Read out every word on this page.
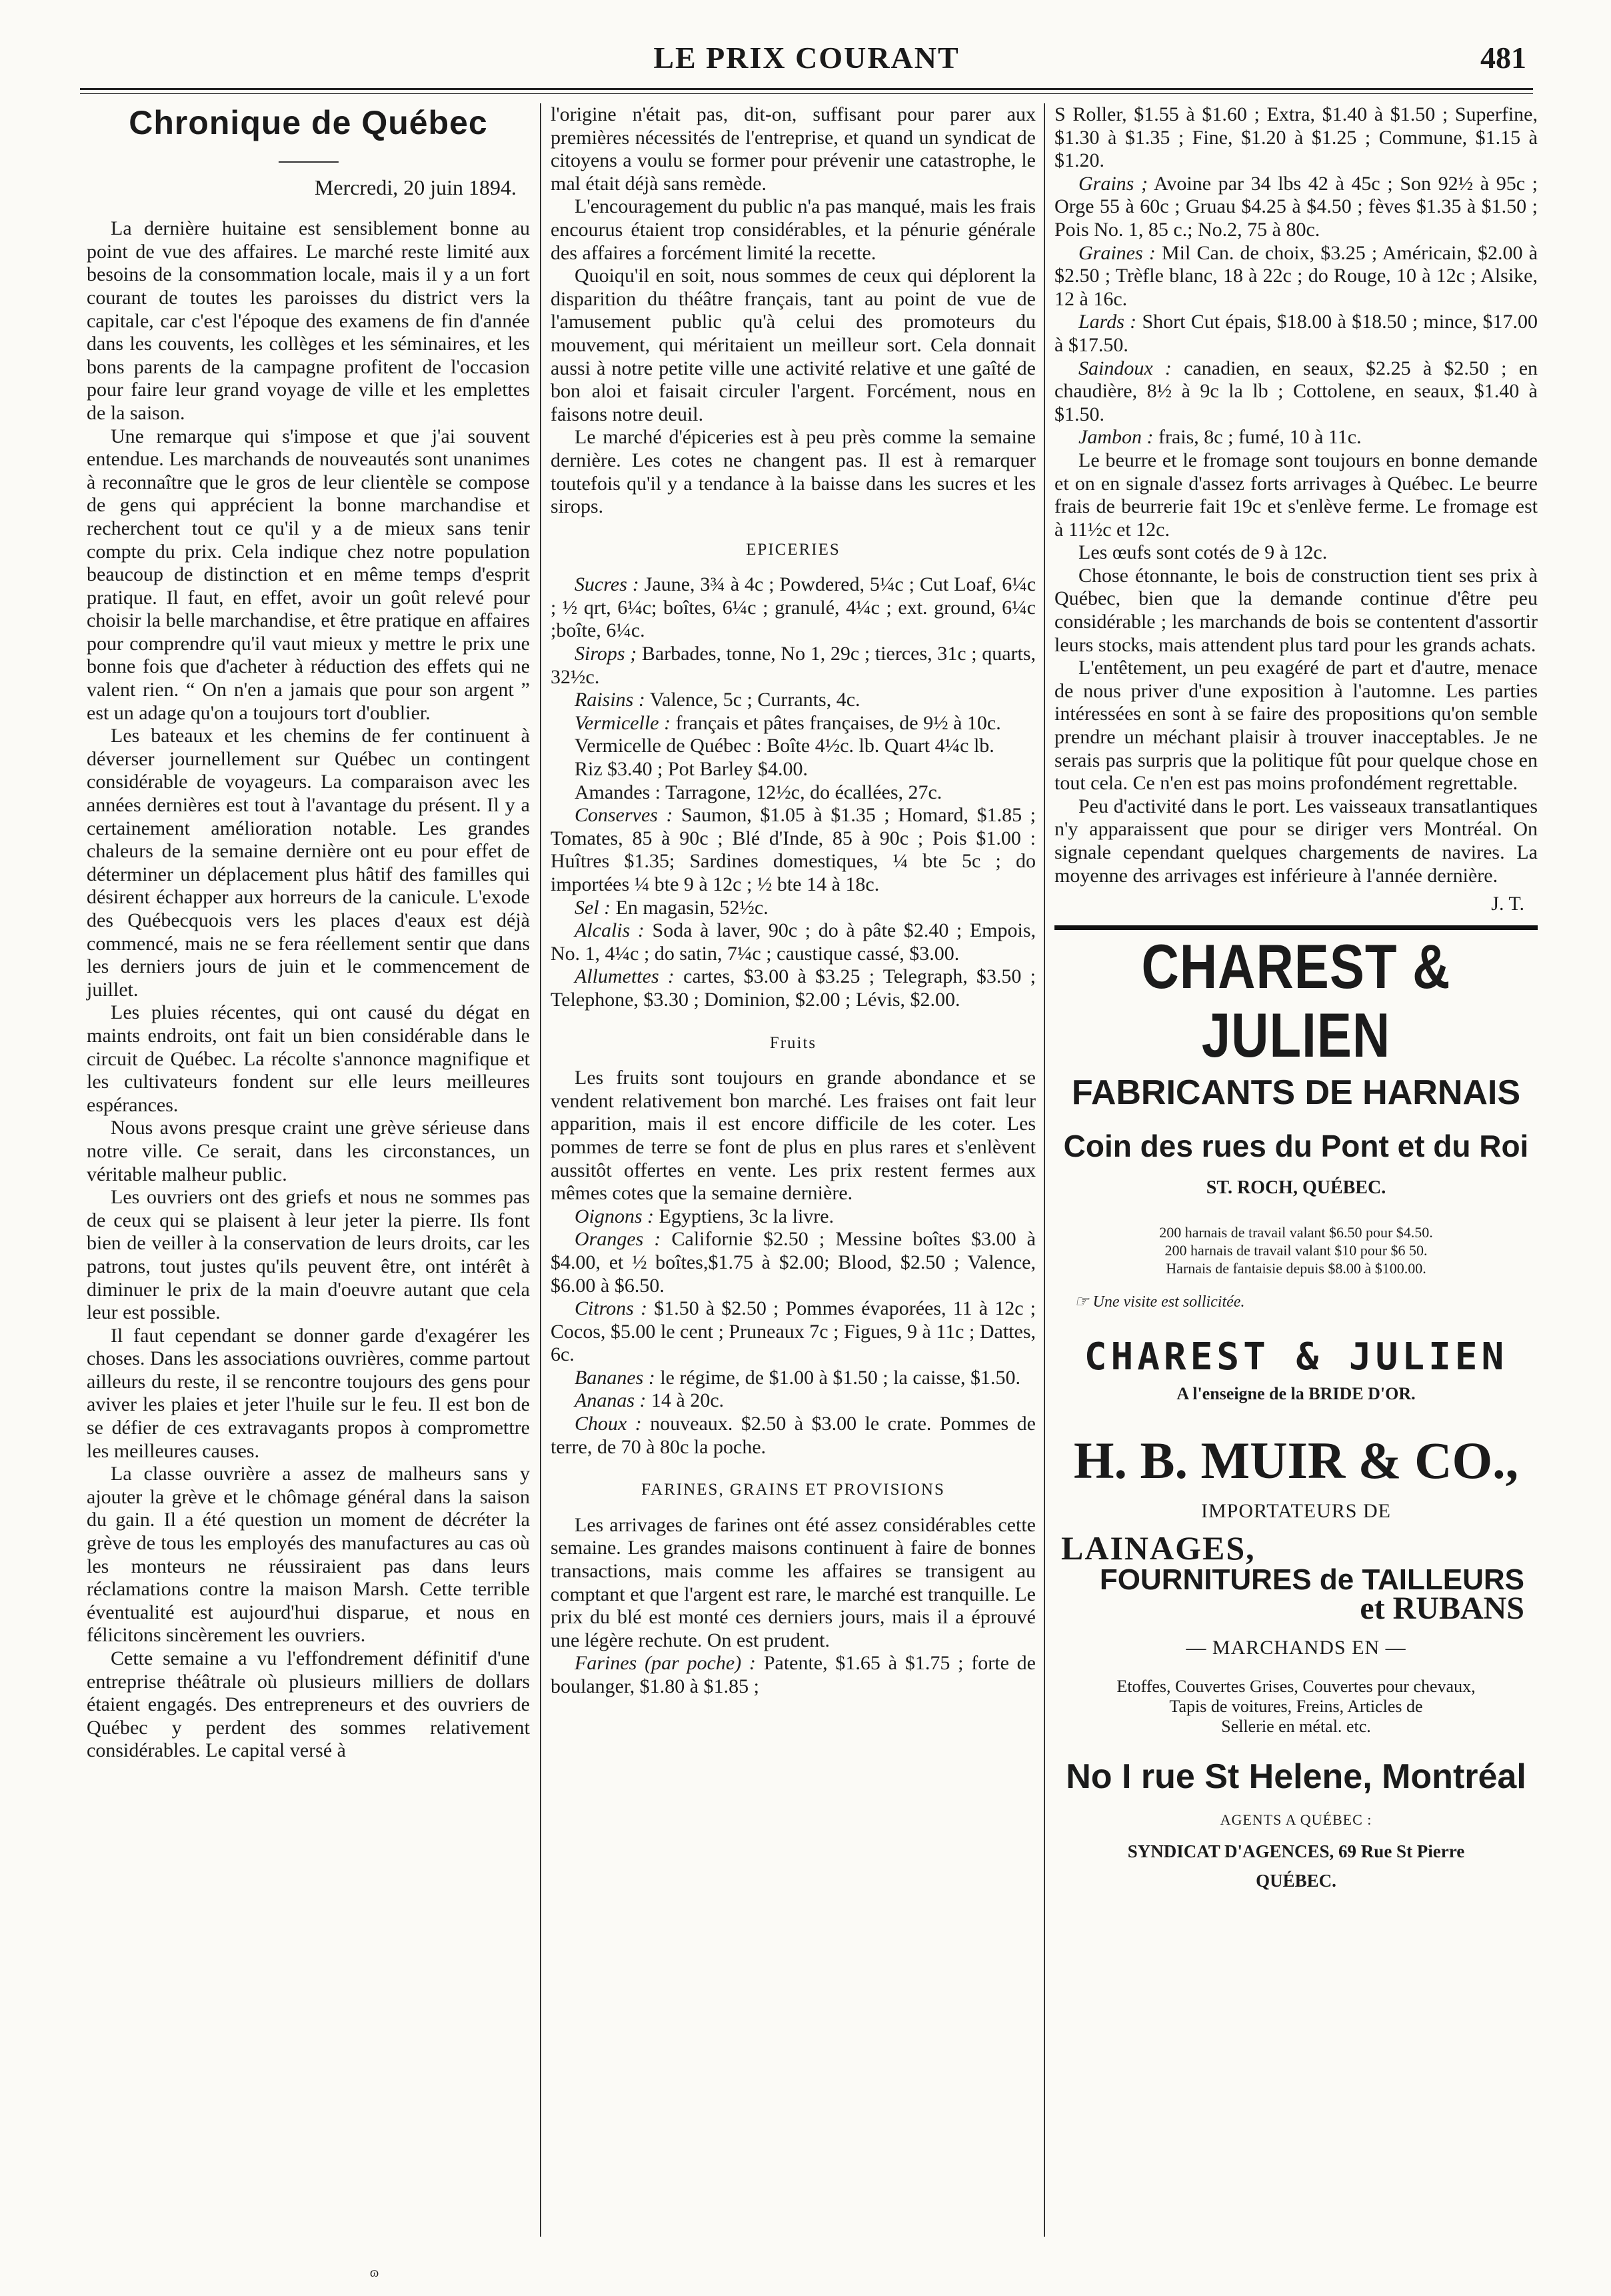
LE PRIX COURANT	481
Chronique de Québec
Mercredi, 20 juin 1894.

La dernière huitaine est sensiblement bonne au point de vue des affaires. Le marché reste limité aux besoins de la consommation locale, mais il y a un fort courant de toutes les paroisses du district vers la capitale, car c'est l'époque des examens de fin d'année dans les couvents, les collèges et les séminaires, et les bons parents de la campagne profitent de l'occasion pour faire leur grand voyage de ville et les emplettes de la saison.

Une remarque qui s'impose et que j'ai souvent entendue. Les marchands de nouveautés sont unanimes à reconnaître que le gros de leur clientèle se compose de gens qui apprécient la bonne marchandise et recherchent tout ce qu'il y a de mieux sans tenir compte du prix. Cela indique chez notre population beaucoup de distinction et en même temps d'esprit pratique. Il faut, en effet, avoir un goût relevé pour choisir la belle marchandise, et être pratique en affaires pour comprendre qu'il vaut mieux y mettre le prix une bonne fois que d'acheter à réduction des effets qui ne valent rien. “ On n'en a jamais que pour son argent ” est un adage qu'on a toujours tort d'oublier.

Les bateaux et les chemins de fer continuent à déverser journellement sur Québec un contingent considérable de voyageurs. La comparaison avec les années dernières est tout à l'avantage du présent. Il y a certainement amélioration notable. Les grandes chaleurs de la semaine dernière ont eu pour effet de déterminer un déplacement plus hâtif des familles qui désirent échapper aux horreurs de la canicule. L'exode des Québecquois vers les places d'eaux est déjà commencé, mais ne se fera réellement sentir que dans les derniers jours de juin et le commencement de juillet.

Les pluies récentes, qui ont causé du dégat en maints endroits, ont fait un bien considérable dans le circuit de Québec. La récolte s'annonce magnifique et les cultivateurs fondent sur elle leurs meilleures espérances.

Nous avons presque craint une grève sérieuse dans notre ville. Ce serait, dans les circonstances, un véritable malheur public.

Les ouvriers ont des griefs et nous ne sommes pas de ceux qui se plaisent à leur jeter la pierre. Ils font bien de veiller à la conservation de leurs droits, car les patrons, tout justes qu'ils peuvent être, ont intérêt à diminuer le prix de la main d'oeuvre autant que cela leur est possible.

Il faut cependant se donner garde d'exagérer les choses. Dans les associations ouvrières, comme partout ailleurs du reste, il se rencontre toujours des gens pour aviver les plaies et jeter l'huile sur le feu. Il est bon de se défier de ces extravagants propos à compromettre les meilleures causes.

La classe ouvrière a assez de malheurs sans y ajouter la grève et le chômage général dans la saison du gain. Il a été question un moment de décréter la grève de tous les employés des manufactures au cas où les monteurs ne réussiraient pas dans leurs réclamations contre la maison Marsh. Cette terrible éventualité est aujourd'hui disparue, et nous en félicitons sincèrement les ouvriers.

Cette semaine a vu l'effondrement définitif d'une entreprise théâtrale où plusieurs milliers de dollars étaient engagés. Des entrepreneurs et des ouvriers de Québec y perdent des sommes relativement considérables. Le capital versé à

l'origine n'était pas, dit-on, suffisant pour parer aux premières nécessités de l'entreprise, et quand un syndicat de citoyens a voulu se former pour prévenir une catastrophe, le mal était déjà sans remède.

L'encouragement du public n'a pas manqué, mais les frais encourus étaient trop considérables, et la pénurie générale des affaires a forcément limité la recette.

Quoiqu'il en soit, nous sommes de ceux qui déplorent la disparition du théâtre français, tant au point de vue de l'amusement public qu'à celui des promoteurs du mouvement, qui méritaient un meilleur sort. Cela donnait aussi à notre petite ville une activité relative et une gaîté de bon aloi et faisait circuler l'argent. Forcément, nous en faisons notre deuil.

Le marché d'épiceries est à peu près comme la semaine dernière. Les cotes ne changent pas. Il est à remarquer toutefois qu'il y a tendance à la baisse dans les sucres et les sirops.

EPICERIES

Sucres : Jaune, 3¾ à 4c ; Powdered, 5¼c ; Cut Loaf, 6¼c ; ½ qrt, 6¼c; boîtes, 6¼c ; granulé, 4¼c ; ext. ground, 6¼c ;boîte, 6¼c.

Sirops ; Barbades, tonne, No 1, 29c ; tierces, 31c ; quarts, 32½c.

Raisins : Valence, 5c ; Currants, 4c.

Vermicelle : français et pâtes françaises, de 9½ à 10c.

Vermicelle de Québec : Boîte 4½c. lb. Quart 4¼c lb.

Riz $3.40 ; Pot Barley $4.00.

Amandes : Tarragone, 12½c, do écallées, 27c.

Conserves : Saumon, $1.05 à $1.35 ; Homard, $1.85 ; Tomates, 85 à 90c ; Blé d'Inde, 85 à 90c ; Pois $1.00 : Huîtres $1.35; Sardines domestiques, ¼ bte 5c ; do importées ¼ bte 9 à 12c ; ½ bte 14 à 18c.

Sel : En magasin, 52½c.

Alcalis : Soda à laver, 90c ; do à pâte $2.40 ; Empois, No. 1, 4¼c ; do satin, 7¼c ; caustique cassé, $3.00.

Allumettes : cartes, $3.00 à $3.25 ; Telegraph, $3.50 ; Telephone, $3.30 ; Dominion, $2.00 ; Lévis, $2.00.

Fruits

Les fruits sont toujours en grande abondance et se vendent relativement bon marché. Les fraises ont fait leur apparition, mais il est encore difficile de les coter. Les pommes de terre se font de plus en plus rares et s'enlèvent aussitôt offertes en vente. Les prix restent fermes aux mêmes cotes que la semaine dernière.

Oignons : Egyptiens, 3c la livre.

Oranges : Californie $2.50 ; Messine boîtes $3.00 à $4.00, et ½ boîtes,$1.75 à $2.00; Blood, $2.50 ; Valence, $6.00 à $6.50.

Citrons : $1.50 à $2.50 ; Pommes évaporées, 11 à 12c ; Cocos, $5.00 le cent ; Pruneaux 7c ; Figues, 9 à 11c ; Dattes, 6c.

Bananes : le régime, de $1.00 à $1.50 ; la caisse, $1.50.

Ananas : 14 à 20c.

Choux : nouveaux. $2.50 à $3.00 le crate. Pommes de terre, de 70 à 80c la poche.

FARINES, GRAINS ET PROVISIONS

Les arrivages de farines ont été assez considérables cette semaine. Les grandes maisons continuent à faire de bonnes transactions, mais comme les affaires se transigent au comptant et que l'argent est rare, le marché est tranquille. Le prix du blé est monté ces derniers jours, mais il a éprouvé une légère rechute. On est prudent.

Farines (par poche) : Patente, $1.65 à $1.75 ; forte de boulanger, $1.80 à $1.85 ;

S Roller, $1.55 à $1.60 ; Extra, $1.40 à $1.50 ; Superfine, $1.30 à $1.35 ; Fine, $1.20 à $1.25 ; Commune, $1.15 à $1.20.

Grains ; Avoine par 34 lbs 42 à 45c ; Son 92½ à 95c ; Orge 55 à 60c ; Gruau $4.25 à $4.50 ; fèves $1.35 à $1.50 ; Pois No. 1, 85 c.; No.2, 75 à 80c.

Graines : Mil Can. de choix, $3.25 ; Américain, $2.00 à $2.50 ; Trèfle blanc, 18 à 22c ; do Rouge, 10 à 12c ; Alsike, 12 à 16c.

Lards : Short Cut épais, $18.00 à $18.50 ; mince, $17.00 à $17.50.

Saindoux : canadien, en seaux, $2.25 à $2.50 ; en chaudière, 8½ à 9c la lb ; Cottolene, en seaux, $1.40 à $1.50.

Jambon : frais, 8c ; fumé, 10 à 11c.

Le beurre et le fromage sont toujours en bonne demande et on en signale d'assez forts arrivages à Québec. Le beurre frais de beurrerie fait 19c et s'enlève ferme. Le fromage est à 11½c et 12c.

Les œufs sont cotés de 9 à 12c.

Chose étonnante, le bois de construction tient ses prix à Québec, bien que la demande continue d'être peu considérable ; les marchands de bois se contentent d'assortir leurs stocks, mais attendent plus tard pour les grands achats.

L'entêtement, un peu exagéré de part et d'autre, menace de nous priver d'une exposition à l'automne. Les parties intéressées en sont à se faire des propositions qu'on semble prendre un méchant plaisir à trouver inacceptables. Je ne serais pas surpris que la politique fût pour quelque chose en tout cela. Ce n'en est pas moins profondément regrettable.

Peu d'activité dans le port. Les vaisseaux transatlantiques n'y apparaissent que pour se diriger vers Montréal. On signale cependant quelques chargements de navires. La moyenne des arrivages est inférieure à l'année dernière.

J. T.
CHAREST & JULIEN
FABRICANTS DE HARNAIS
Coin des rues du Pont et du Roi
ST. ROCH, QUÉBEC.
200 harnais de travail valant $6.50 pour $4.50.
200 harnais de travail valant $10 pour $6 50.
Harnais de fantaisie depuis $8.00 à $100.00.
☞ Une visite est sollicitée.
CHAREST & JULIEN
A l'enseigne de la BRIDE D'OR.
H. B. MUIR & CO.,
IMPORTATEURS DE
LAINAGES,
FOURNITURES de TAILLEURS
et RUBANS
— MARCHANDS EN —
Etoffes, Couvertes Grises, Couvertes pour chevaux,
Tapis de voitures, Freins, Articles de
Sellerie en métal. etc.
No I rue St Helene, Montréal
AGENTS A QUÉBEC :
SYNDICAT D'AGENCES, 69 Rue St Pierre
QUÉBEC.
ɷ
